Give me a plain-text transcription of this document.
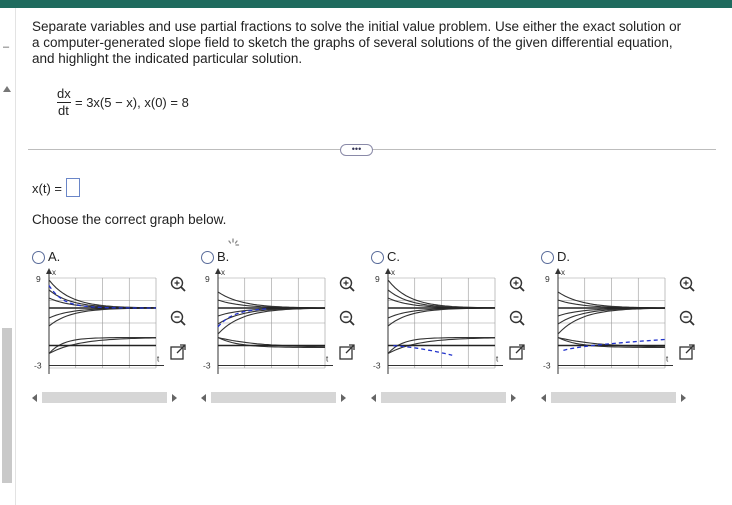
–
Separate variables and use partial fractions to solve the initial value problem. Use either the exact solution or a computer-generated slope field to sketch the graphs of several solutions of the given differential equation, and highlight the indicated particular solution.
dx
dt
= 3x(5 − x), x(0) = 8
•••
x(t) =
Choose the correct graph below.
A.
9
-3
x
t
B.
9
-3
x
t
C.
9
-3
x
t
D.
9
-3
x
t
